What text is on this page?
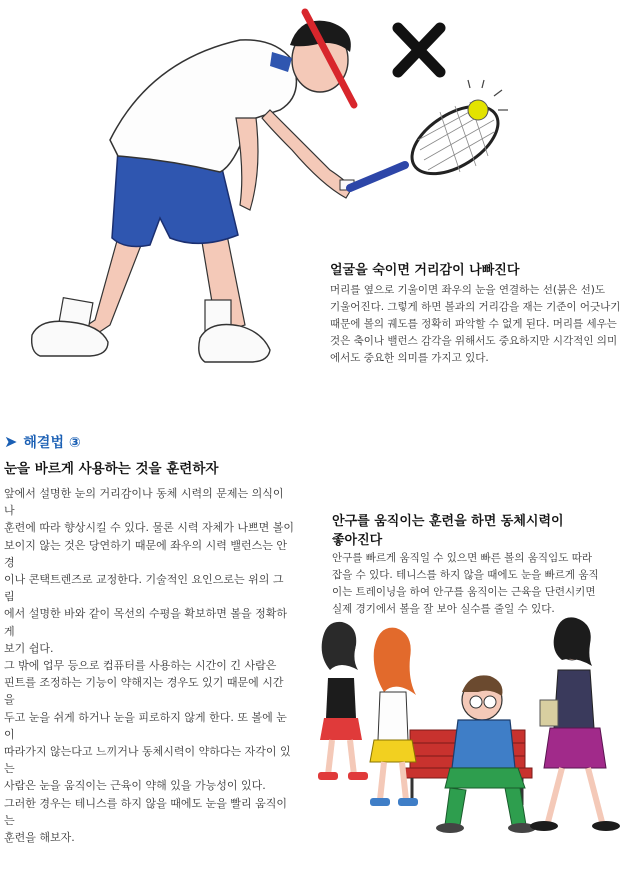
얼굴을 숙이면 거리감이 나빠진다
머리를 옆으로 기울이면 좌우의 눈을 연결하는 선(붉은 선)도
기울어진다. 그렇게 하면 볼과의 거리감을 재는 기준이 어긋나기
때문에 볼의 궤도를 정확히 파악할 수 없게 된다. 머리를 세우는
것은 축이나 밸런스 감각을 위해서도 중요하지만 시각적인 의미
에서도 중요한 의미를 가지고 있다.
➤ 해결법 ③
눈을 바르게 사용하는 것을 훈련하자
앞에서 설명한 눈의 거리감이나 동체 시력의 문제는 의식이나
훈련에 따라 향상시킬 수 있다. 물론 시력 자체가 나쁘면 볼이
보이지 않는 것은 당연하기 때문에 좌우의 시력 밸런스는 안경
이나 콘택트렌즈로 교정한다. 기술적인 요인으로는 위의 그림
에서 설명한 바와 같이 목선의 수평을 확보하면 볼을 정확하게
보기 쉽다.
그 밖에 업무 등으로 컴퓨터를 사용하는 시간이 긴 사람은
핀트를 조정하는 기능이 약해지는 경우도 있기 때문에 시간을
두고 눈을 쉬게 하거나 눈을 피로하지 않게 한다. 또 볼에 눈이
따라가지 않는다고 느끼거나 동체시력이 약하다는 자각이 있는
사람은 눈을 움직이는 근육이 약해 있을 가능성이 있다.
그러한 경우는 테니스를 하지 않을 때에도 눈을 빨리 움직이는
훈련을 해보자.
안구를 움직이는 훈련을 하면 동체시력이
좋아진다
안구를 빠르게 움직일 수 있으면 빠른 볼의 움직임도 따라
잡을 수 있다. 테니스를 하지 않을 때에도 눈을 빠르게 움직
이는 트레이닝을 하여 안구를 움직이는 근육을 단련시키면
실제 경기에서 볼을 잘 보아 실수를 줄일 수 있다.
